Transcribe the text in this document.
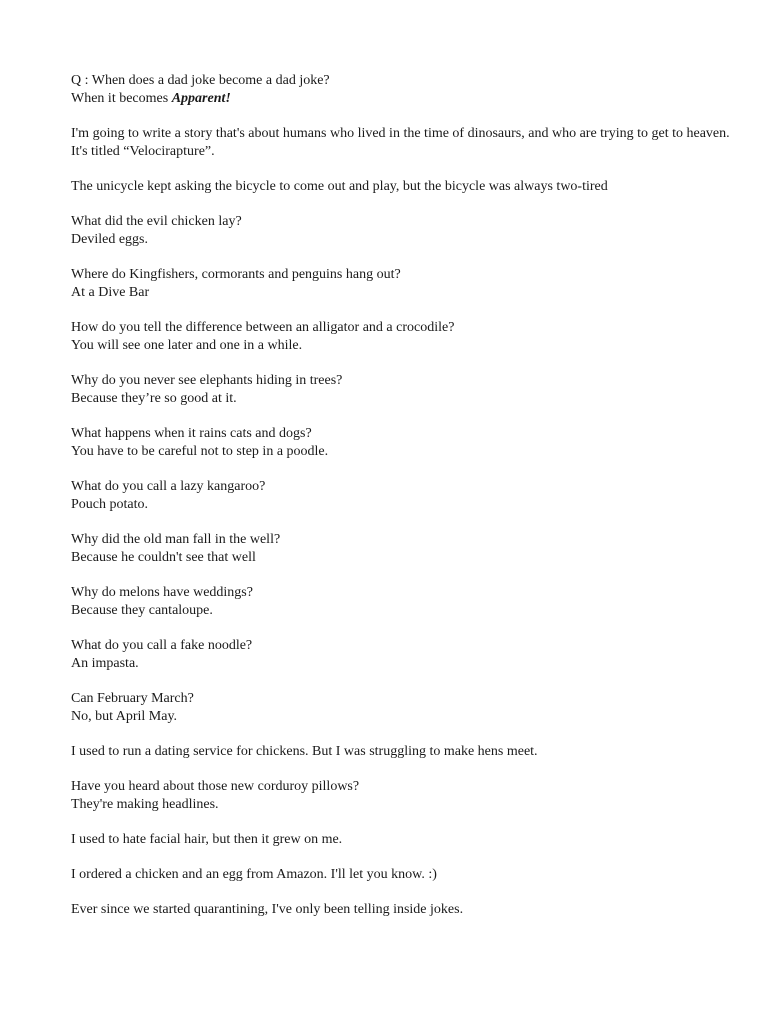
Q : When does a dad joke become a dad joke?
When it becomes Apparent!
I'm going to write a story that's about humans who lived in the time of dinosaurs, and who are trying to get to heaven. It's titled “Velocirapture”.
The unicycle kept asking the bicycle to come out and play, but the bicycle was always two-tired
What did the evil chicken lay?
Deviled eggs.
Where do Kingfishers, cormorants and penguins hang out?
At a Dive Bar
How do you tell the difference between an alligator and a crocodile?
You will see one later and one in a while.
Why do you never see elephants hiding in trees?
Because they’re so good at it.
What happens when it rains cats and dogs?
You have to be careful not to step in a poodle.
What do you call a lazy kangaroo?
Pouch potato.
Why did the old man fall in the well?
Because he couldn't see that well
Why do melons have weddings?
Because they cantaloupe.
What do you call a fake noodle?
An impasta.
Can February March?
No, but April May.
I used to run a dating service for chickens. But I was struggling to make hens meet.
Have you heard about those new corduroy pillows?
They're making headlines.
I used to hate facial hair, but then it grew on me.
I ordered a chicken and an egg from Amazon. I'll let you know. :)
Ever since we started quarantining, I've only been telling inside jokes.
